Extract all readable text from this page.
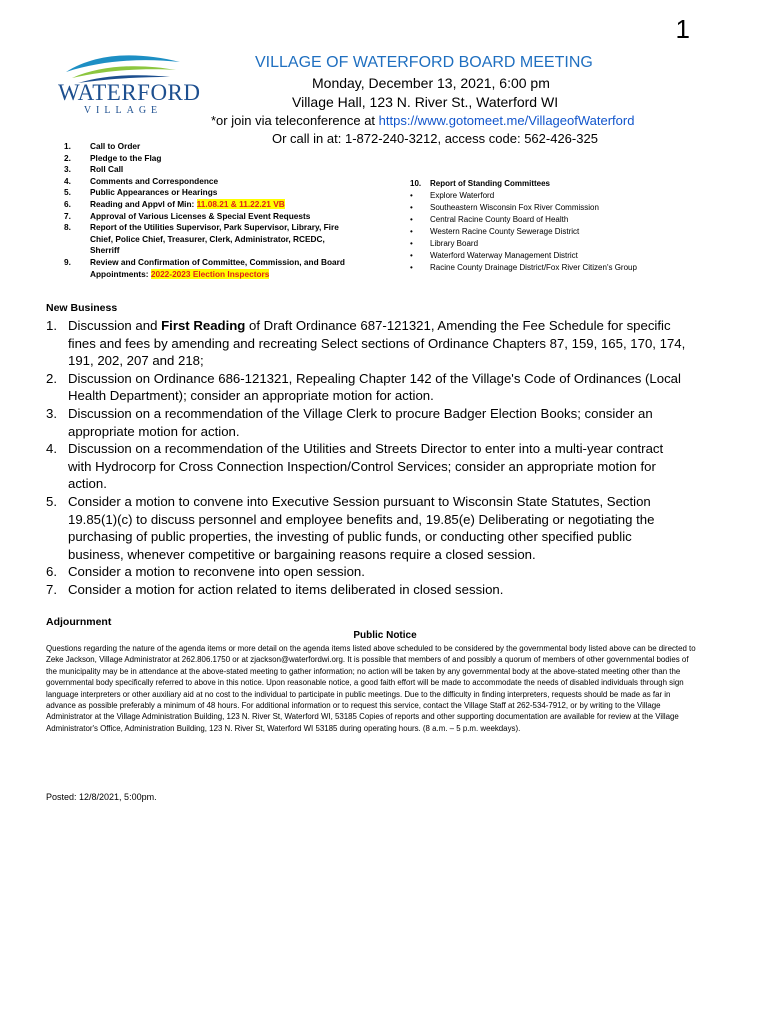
1
WATERFORD
VILLAGE
VILLAGE OF WATERFORD BOARD MEETING
Monday, December 13, 2021, 6:00 pm
Village Hall, 123 N. River St., Waterford WI
*or join via teleconference at https://www.gotomeet.me/VillageofWaterford
Or call in at: 1-872-240-3212, access code: 562-426-325
1.	Call to Order
2.	Pledge to the Flag
3.	Roll Call
4.	Comments and Correspondence
5.	Public Appearances or Hearings
6.	Reading and Appvl of Min: 11.08.21 & 11.22.21 VB
7.	Approval of Various Licenses & Special Event Requests
8.	Report of the Utilities Supervisor, Park Supervisor, Library, Fire Chief, Police Chief, Treasurer, Clerk, Administrator, RCEDC, Sherriff
9.	Review and Confirmation of Committee, Commission, and Board Appointments: 2022-2023 Election Inspectors
10.	Report of Standing Committees
•	Explore Waterford
•	Southeastern Wisconsin Fox River Commission
•	Central Racine County Board of Health
•	Western Racine County Sewerage District
•	Library Board
•	Waterford Waterway Management District
•	Racine County Drainage District/Fox River Citizen's Group
New Business
1. Discussion and First Reading of Draft Ordinance 687-121321, Amending the Fee Schedule for specific fines and fees by amending and recreating Select sections of Ordinance Chapters 87, 159, 165, 170, 174, 191, 202, 207 and 218;
2. Discussion on Ordinance 686-121321, Repealing Chapter 142 of the Village's Code of Ordinances (Local Health Department); consider an appropriate motion for action.
3. Discussion on a recommendation of the Village Clerk to procure Badger Election Books; consider an appropriate motion for action.
4. Discussion on a recommendation of the Utilities and Streets Director to enter into a multi-year contract with Hydrocorp for Cross Connection Inspection/Control Services; consider an appropriate motion for action.
5. Consider a motion to convene into Executive Session pursuant to Wisconsin State Statutes, Section 19.85(1)(c) to discuss personnel and employee benefits and, 19.85(e) Deliberating or negotiating the purchasing of public properties, the investing of public funds, or conducting other specified public business, whenever competitive or bargaining reasons require a closed session.
6. Consider a motion to reconvene into open session.
7. Consider a motion for action related to items deliberated in closed session.
Adjournment
Public Notice
Questions regarding the nature of the agenda items or more detail on the agenda items listed above scheduled to be considered by the governmental body listed above can be directed to Zeke Jackson, Village Administrator at 262.806.1750 or at zjackson@waterfordwi.org. It is possible that members of and possibly a quorum of members of other governmental bodies of the municipality may be in attendance at the above-stated meeting to gather information; no action will be taken by any governmental body at the above-stated meeting other than the governmental body specifically referred to above in this notice. Upon reasonable notice, a good faith effort will be made to accommodate the needs of disabled individuals through sign language interpreters or other auxiliary aid at no cost to the individual to participate in public meetings. Due to the difficulty in finding interpreters, requests should be made as far in advance as possible preferably a minimum of 48 hours. For additional information or to request this service, contact the Village Staff at 262-534-7912, or by writing to the Village Administrator at the Village Administration Building, 123 N. River St, Waterford WI, 53185 Copies of reports and other supporting documentation are available for review at the Village Administrator's Office, Administration Building, 123 N. River St, Waterford WI 53185 during operating hours. (8 a.m. – 5 p.m. weekdays).
Posted: 12/8/2021, 5:00pm.
